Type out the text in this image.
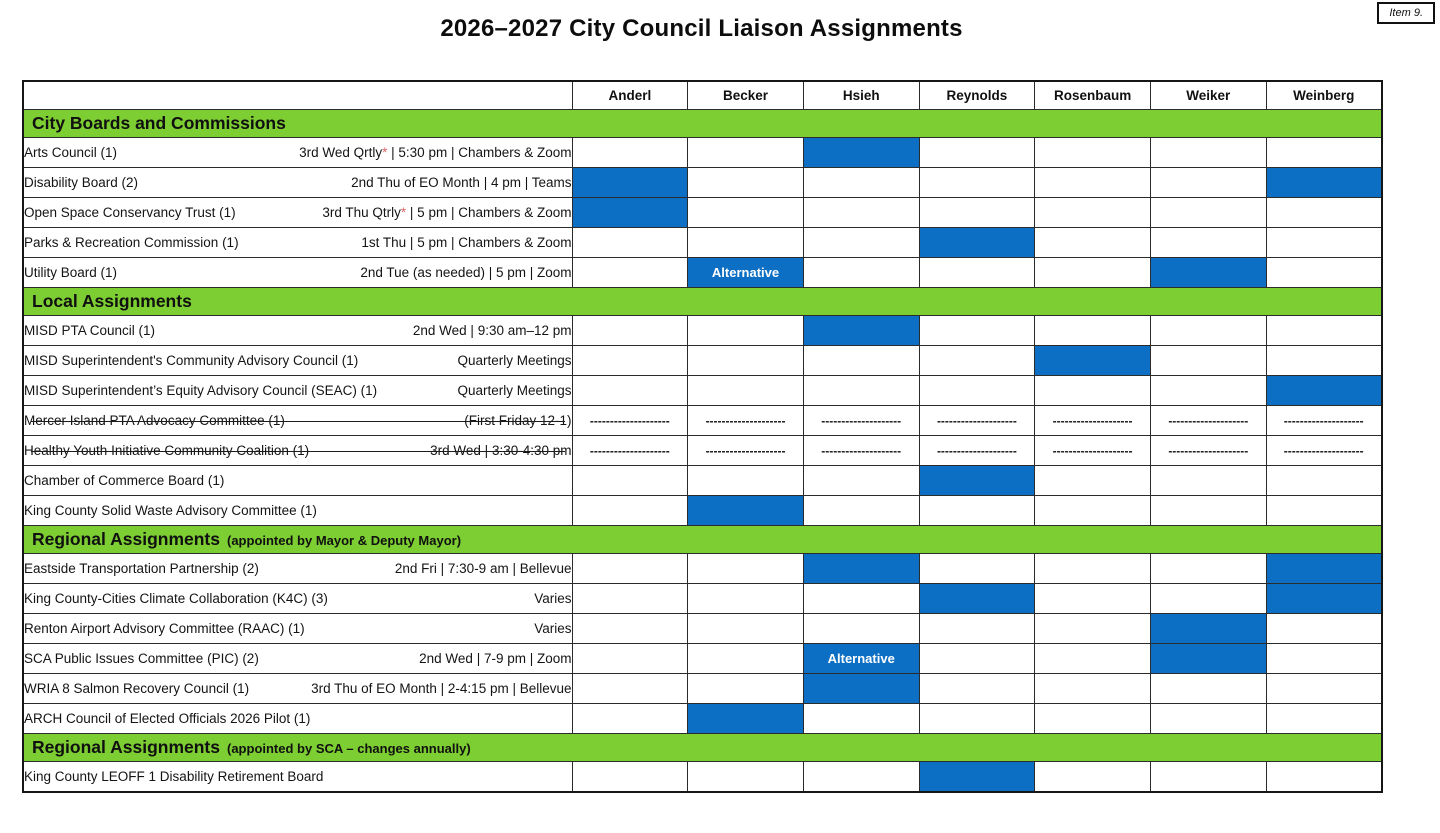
Item 9.
2026–2027 City Council Liaison Assignments
	Anderl	Becker	Hsieh	Reynolds	Rosenbaum	Weiker	Weinberg
City Boards and Commissions							

Arts Council (1) 3rd Wed Qrtly* | 5:30 pm | Chambers & Zoom							

Disability Board (2) 2nd Thu of EO Month | 4 pm | Teams							

Open Space Conservancy Trust (1) 3rd Thu Qtrly* | 5 pm | Chambers & Zoom							

Parks & Recreation Commission (1) 1st Thu | 5 pm | Chambers & Zoom							

Utility Board (1) 2nd Tue (as needed) | 5 pm | Zoom		Alternative					
Local Assignments							

MISD PTA Council (1) 2nd Wed | 9:30 am–12 pm							

MISD Superintendent's Community Advisory Council (1) Quarterly Meetings							

MISD Superintendent’s Equity Advisory Council (SEAC) (1) Quarterly Meetings							

Mercer Island PTA Advocacy Committee (1) (First Friday 12-1)	--------------------	--------------------	--------------------	--------------------	--------------------	--------------------	--------------------

Healthy Youth Initiative Community Coalition (1) 3rd Wed | 3:30-4:30 pm	--------------------	--------------------	--------------------	--------------------	--------------------	--------------------	--------------------

Chamber of Commerce Board (1)							

King County Solid Waste Advisory Committee (1)							

Regional Assignments (appointed by Mayor & Deputy Mayor)							

Eastside Transportation Partnership (2) 2nd Fri | 7:30-9 am | Bellevue							

King County-Cities Climate Collaboration (K4C) (3) Varies							

Renton Airport Advisory Committee (RAAC) (1) Varies							

SCA Public Issues Committee (PIC) (2) 2nd Wed | 7-9 pm | Zoom			Alternative				

WRIA 8 Salmon Recovery Council (1) 3rd Thu of EO Month | 2-4:15 pm | Bellevue							

ARCH Council of Elected Officials 2026 Pilot (1)							

Regional Assignments (appointed by SCA – changes annually)							

King County LEOFF 1 Disability Retirement Board							
